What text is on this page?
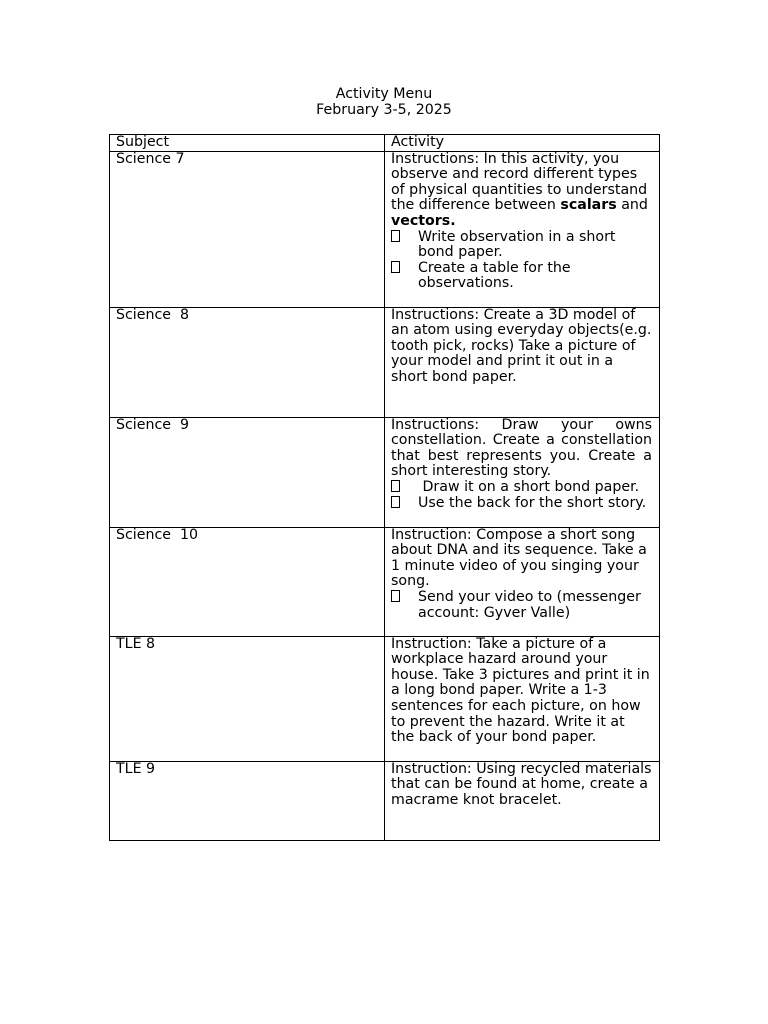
Activity Menu
February 3-5, 2025
Subject	Activity
Science 7	Instructions: In this activity, you observe and record different types of physical quantities to understand the difference between scalars and vectors.

Write observation in a short bond paper.
Create a table for the observations.

Science  8	Instructions: Create a 3D model of an atom using everyday objects(e.g. tooth pick, rocks) Take a picture of your model and print it out in a short bond paper.

Science  9	Instructions: Draw your owns constellation. Create a constellation that best represents you. Create a short interesting story.

Draw it on a short bond paper.
Use the back for the short story.

Science  10	Instruction: Compose a short song about DNA and its sequence. Take a 1 minute video of you singing your song.

Send your video to (messenger account: Gyver Valle)

TLE 8	Instruction: Take a picture of a workplace hazard around your house. Take 3 pictures and print it in a long bond paper. Write a 1-3 sentences for each picture, on how to prevent the hazard. Write it at the back of your bond paper.

TLE 9	Instruction: Using recycled materials that can be found at home, create a macrame knot bracelet.
